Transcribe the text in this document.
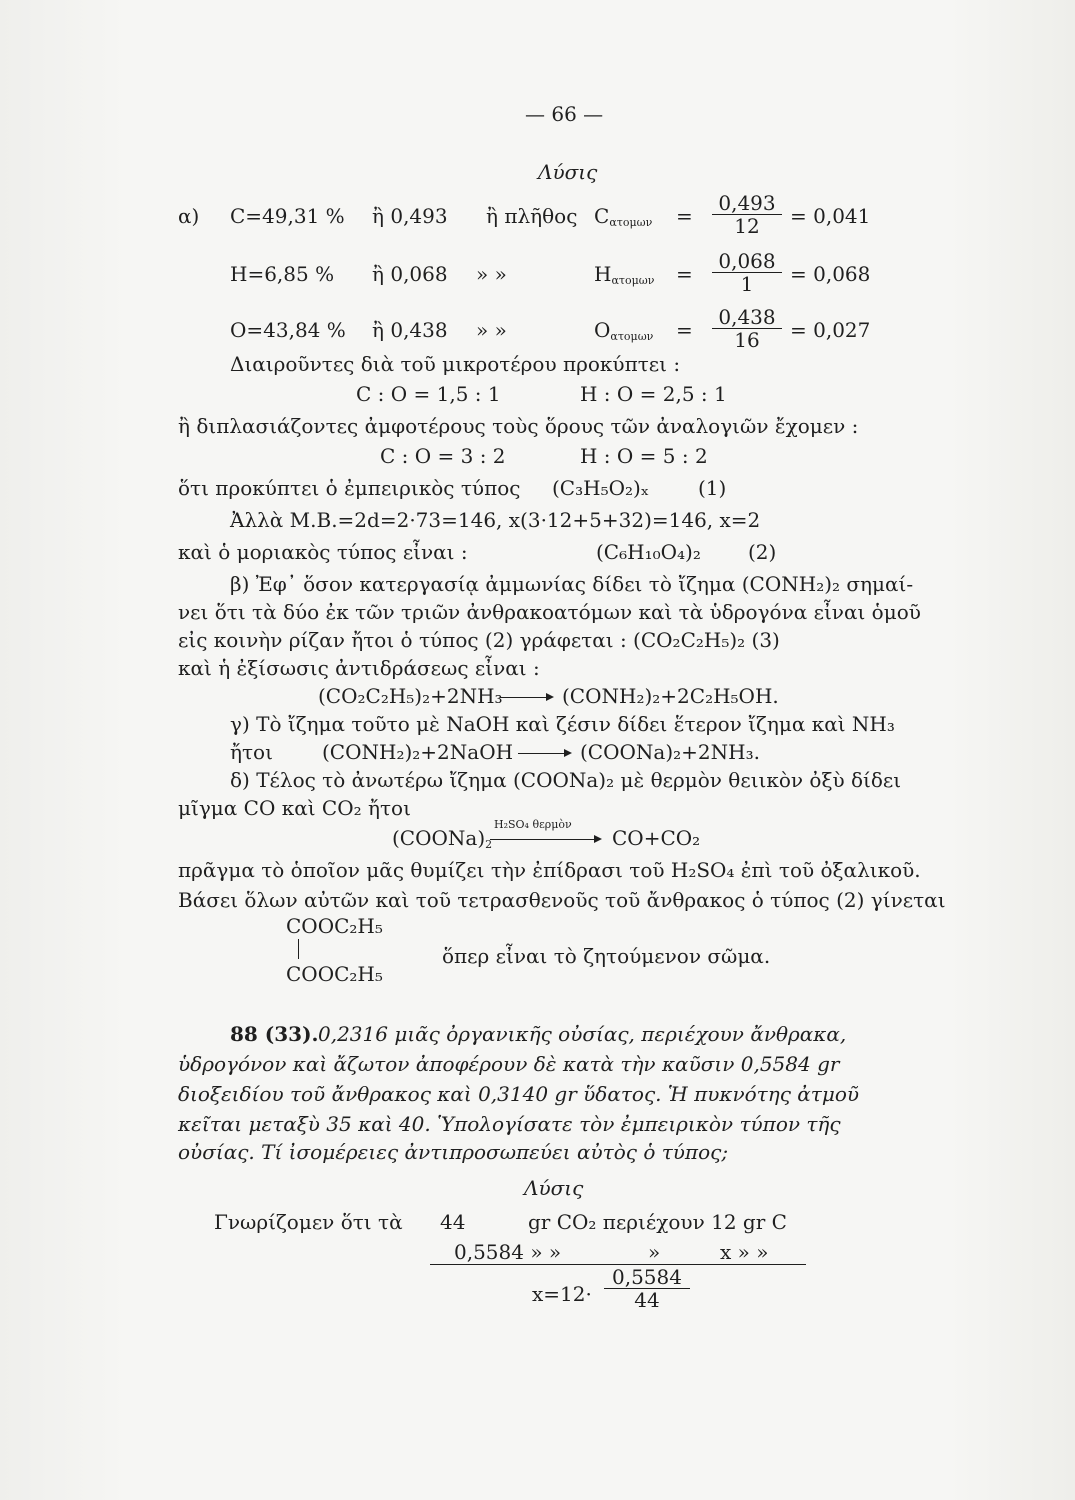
— 66 —
Λύσις
α) C=49,31 % ἢ 0,493 ἢ πλῆθος $C_{\alpha\tau o\mu\omega\nu}$ =
0,493
12	= 0,041
H=6,85 % ἢ 0,068 » »	$H_{\alpha\tau o\mu\omega\nu}$ =
0,068
1	= 0,068
O=43,84 % ἢ 0,438 » »	$O_{\alpha\tau o\mu\omega\nu}$ =
0,438
16	= 0,027
Διαιροῦντες διὰ τοῦ μικροτέρου προκύπτει :
C : O = 1,5 : 1	H : O = 2,5 : 1
ἢ διπλασιάζοντες ἀμφοτέρους τοὺς ὅρους τῶν ἀναλογιῶν ἔχομεν :
C : O = 3 : 2	H : O = 5 : 2
ὅτι προκύπτει ὁ ἐμπειρικὸς τύπος (C₃H₅O₂)ₓ (1)
Ἀλλὰ Μ.Β.=2d=2·73=146, x(3·12+5+32)=146, x=2
καὶ ὁ μοριακὸς τύπος εἶναι :	(C₆H₁₀O₄)₂ (2)
β) Ἐφ᾽ ὅσον κατεργασίᾳ ἀμμωνίας δίδει τὸ ἴζημα (CONH₂)₂ σημαί-
νει ὅτι τὰ δύο ἐκ τῶν τριῶν ἀνθρακοατόμων καὶ τὰ ὑδρογόνα εἶναι ὁμοῦ
εἰς κοινὴν ρίζαν ἤτοι ὁ τύπος (2) γράφεται : (CO₂C₂H₅)₂ (3)
καὶ ἡ ἐξίσωσις ἀντιδράσεως εἶναι :
(CO₂C₂H₅)₂+2NH₃ → (CONH₂)₂+2C₂H₅OH.
γ) Τὸ ἴζημα τοῦτο μὲ NaOH καὶ ζέσιν δίδει ἕτερον ἴζημα καὶ NH₃
ἤτοι (CONH₂)₂+2NaOH → (COONa)₂+2NH₃.
δ) Τέλος τὸ ἀνωτέρω ἴζημα (COONa)₂ μὲ θερμὸν θειικὸν ὀξὺ δίδει
μῖγμα CO καὶ CO₂ ἤτοι
$(COONa)_2$
H₂SO₄ θερμὸν
CO+CO₂
πρᾶγμα τὸ ὁποῖον μᾶς θυμίζει τὴν ἐπίδρασι τοῦ H₂SO₄ ἐπὶ τοῦ ὀξαλικοῦ.
Βάσει ὅλων αὐτῶν καὶ τοῦ τετρασθενοῦς τοῦ ἄνθρακος ὁ τύπος (2) γίνεται
COOC₂H₅
ὅπερ εἶναι τὸ ζητούμενον σῶμα.
COOC₂H₅
88 (33). 0,2316 μιᾶς ὀργανικῆς οὐσίας, περιέχουν ἄνθρακα,
ὑδρογόνον καὶ ἄζωτον ἀποφέρουν δὲ κατὰ τὴν καῦσιν 0,5584 gr
διοξειδίου τοῦ ἄνθρακος καὶ 0,3140 gr ὕδατος. Ἡ πυκνότης ἀτμοῦ
κεῖται μεταξὺ 35 καὶ 40. Ὑπολογίσατε τὸν ἐμπειρικὸν τύπον τῆς
οὐσίας. Τί ἰσομέρειες ἀντιπροσωπεύει αὐτὸς ὁ τύπος;
Λύσις
Γνωρίζομεν ὅτι τὰ 44	gr CO₂ περιέχουν 12 gr C
0,5584 » »	»	x » »
x=12·
0,5584
44
